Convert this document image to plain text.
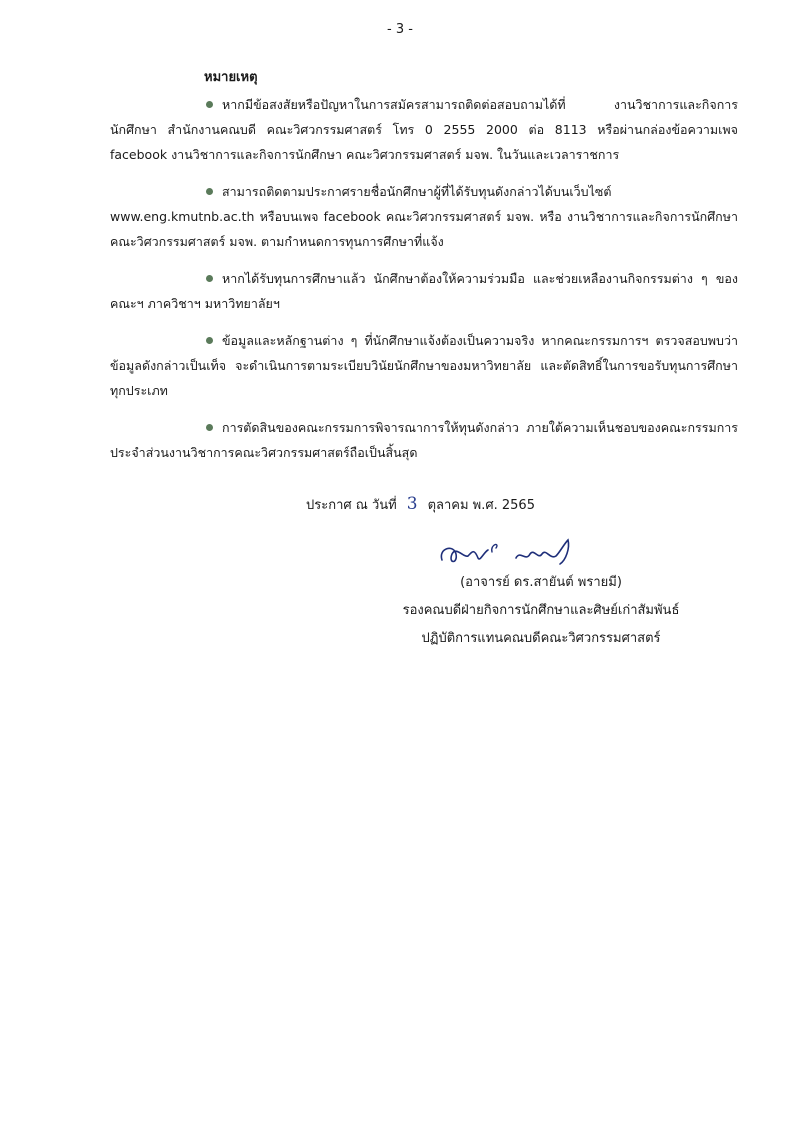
- 3 -
หมายเหตุ

หากมีข้อสงสัยหรือปัญหาในการสมัครสามารถติดต่อสอบถามได้ที่ งานวิชาการและกิจการนักศึกษา สำนักงานคณบดี คณะวิศวกรรมศาสตร์ โทร 0 2555 2000 ต่อ 8113 หรือผ่านกล่องข้อความเพจ facebook งานวิชาการและกิจการนักศึกษา คณะวิศวกรรมศาสตร์ มจพ. ในวันและเวลาราชการ

สามารถติดตามประกาศรายชื่อนักศึกษาผู้ที่ได้รับทุนดังกล่าวได้บนเว็บไซต์ www.eng.kmutnb.ac.th หรือบนเพจ facebook คณะวิศวกรรมศาสตร์ มจพ. หรือ งานวิชาการและกิจการนักศึกษา คณะวิศวกรรมศาสตร์ มจพ. ตามกำหนดการทุนการศึกษาที่แจ้ง

หากได้รับทุนการศึกษาแล้ว นักศึกษาต้องให้ความร่วมมือ และช่วยเหลืองานกิจกรรมต่าง ๆ ของคณะฯ ภาควิชาฯ มหาวิทยาลัยฯ

ข้อมูลและหลักฐานต่าง ๆ ที่นักศึกษาแจ้งต้องเป็นความจริง หากคณะกรรมการฯ ตรวจสอบพบว่าข้อมูลดังกล่าวเป็นเท็จ จะดำเนินการตามระเบียบวินัยนักศึกษาของมหาวิทยาลัย และตัดสิทธิ์ในการขอรับทุนการศึกษาทุกประเภท

การตัดสินของคณะกรรมการพิจารณาการให้ทุนดังกล่าว ภายใต้ความเห็นชอบของคณะกรรมการประจำส่วนงานวิชาการคณะวิศวกรรมศาสตร์ถือเป็นสิ้นสุด

ประกาศ ณ วันที่ 3 ตุลาคม พ.ศ. 2565
(อาจารย์ ดร.สายันต์ พรายมี)
รองคณบดีฝ่ายกิจการนักศึกษาและศิษย์เก่าสัมพันธ์
ปฏิบัติการแทนคณบดีคณะวิศวกรรมศาสตร์
